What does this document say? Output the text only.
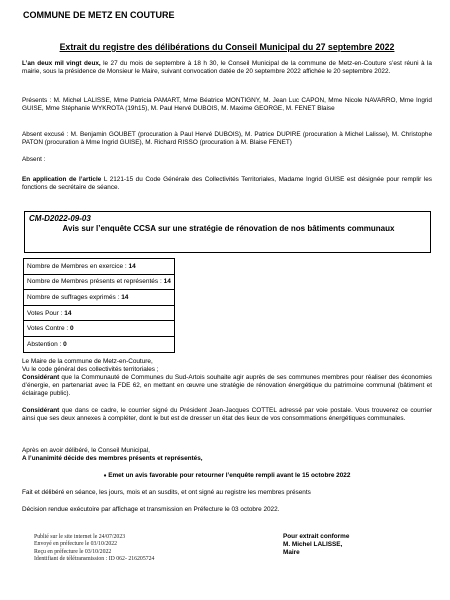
COMMUNE DE METZ EN COUTURE
Extrait du registre des délibérations du Conseil Municipal du 27 septembre 2022
L’an deux mil vingt deux, le 27 du mois de septembre à 18 h 30, le Conseil Municipal de la commune de Metz-en-Couture s’est réuni à la mairie, sous la présidence de Monsieur le Maire, suivant convocation datée de 20 septembre 2022 affichée le 20 septembre 2022.
Présents : M. Michel LALISSE, Mme Patricia PAMART, Mme Béatrice MONTIGNY, M. Jean Luc CAPON, Mme Nicole NAVARRO, Mme Ingrid GUISE, Mme Stéphanie WYKROTA (19h15), M. Paul Hervé DUBOIS, M. Maxime GEORGE, M. FENET Blaise
Absent excusé : M. Benjamin GOUBET (procuration à Paul Hervé DUBOIS), M. Patrice DUPIRE (procuration à Michel Lalisse), M. Christophe PATON (procuration à Mme Ingrid GUISE), M. Richard RISSO (procuration à M. Blaise FENET)
Absent :
En application de l’article L 2121-15 du Code Générale des Collectivités Territoriales, Madame Ingrid GUISE est désignée pour remplir les fonctions de secrétaire de séance.
CM-D2022-09-03
Avis sur l’enquête CCSA sur une stratégie de rénovation de nos bâtiments communaux
Nombre de Membres en exercice : 14
Nombre de Membres présents et représentés : 14
Nombre de suffrages exprimés : 14
Votes Pour : 14
Votes Contre : 0
Abstention : 0
Le Maire de la commune de Metz-en-Couture,
Vu le code général des collectivités territoriales ;
Considérant que la Communauté de Communes du Sud-Artois souhaite agir auprès de ses communes membres pour réaliser des économies d’énergie, en partenariat avec la FDE 62, en mettant en œuvre une stratégie de rénovation énergétique du patrimoine communal (bâtiment et éclairage public).
Considérant que dans ce cadre, le courrier signé du Président Jean-Jacques COTTEL adressé par voie postale. Vous trouverez ce courrier ainsi que ses deux annexes à compléter, dont le but est de dresser un état des lieux de vos consommations énergétiques communales.
Après en avoir délibéré, le Conseil Municipal,
A l’unanimité décide des membres présents et représentés,
♦ Emet un avis favorable pour retourner l’enquête rempli avant le 15 octobre 2022
Fait et délibéré en séance, les jours, mois et an susdits, et ont signé au registre les membres présents
Décision rendue exécutoire par affichage et transmission en Préfecture le 03 octobre 2022.
Publié sur le site internet le 24/07/2023
Envoyé en préfecture le 03/10/2022
Reçu en préfecture le 03/10/2022
Identifiant de télétransmission : ID 062- 216205724
Pour extrait conforme
M. Michel LALISSE,
Maire
